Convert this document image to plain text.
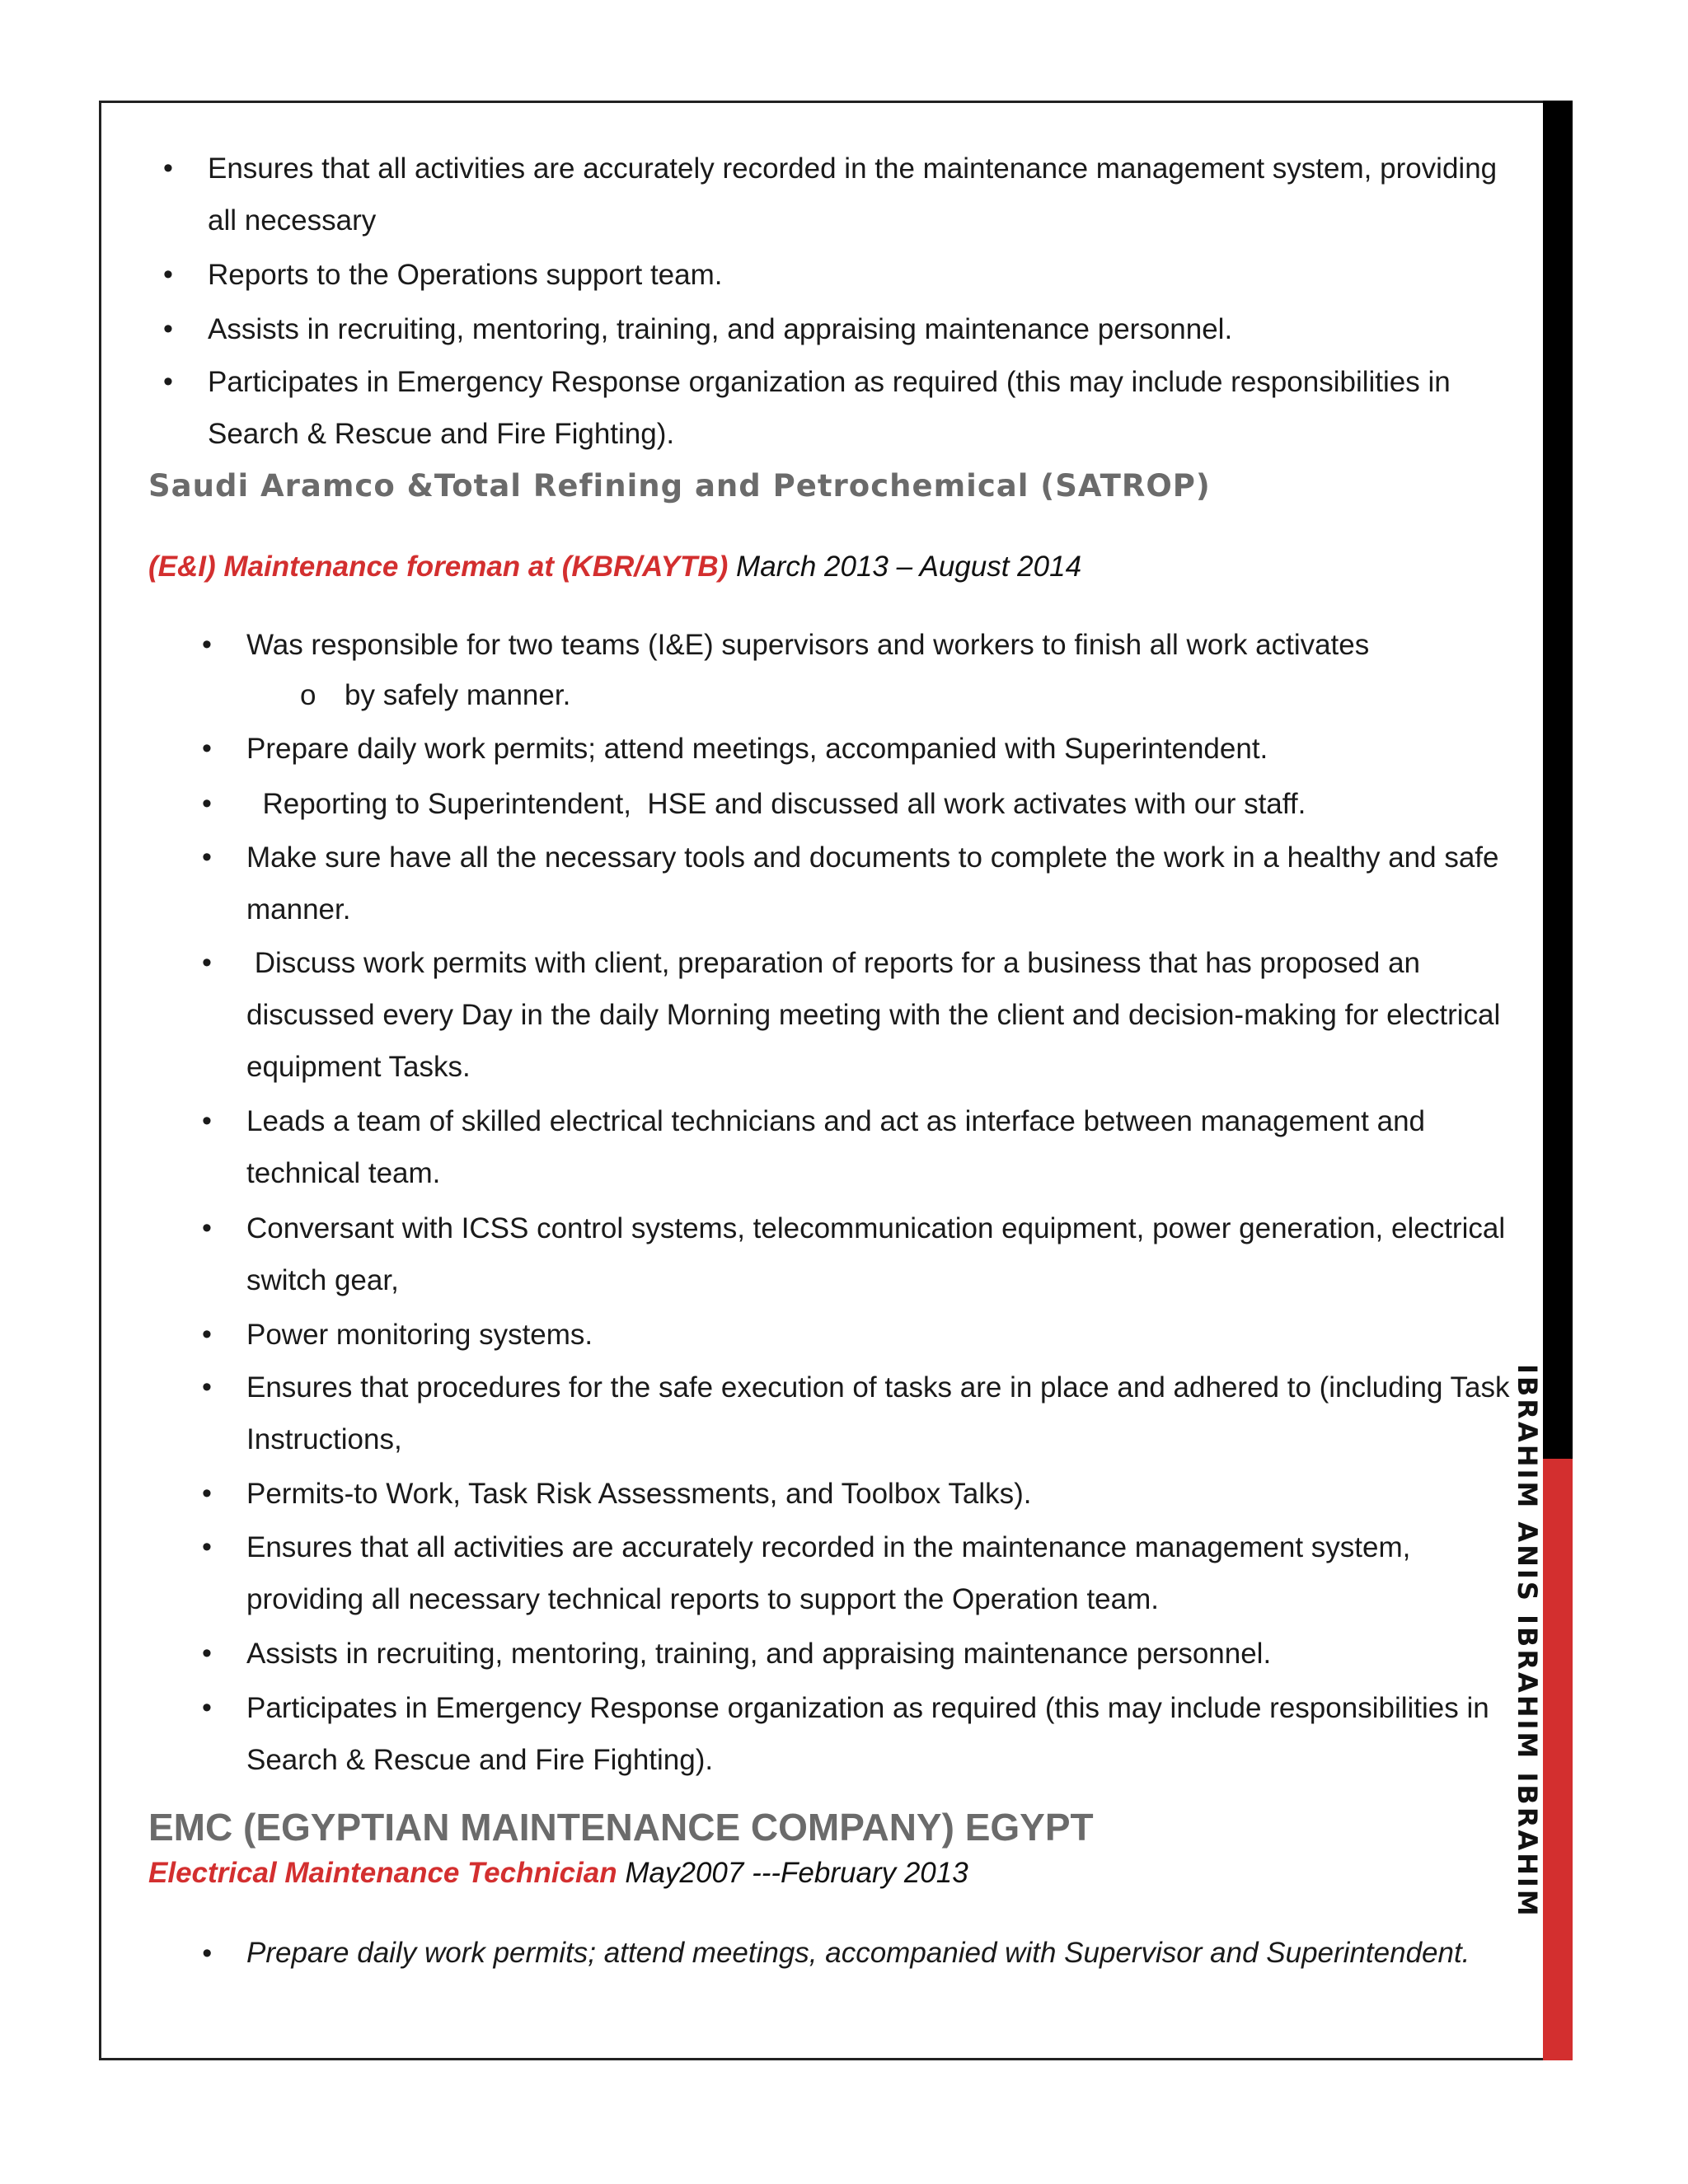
IBRAHIM ANIS IBRAHIM IBRAHIM
• Ensures that all activities are accurately recorded in the maintenance management system, providing all necessary
• Reports to the Operations support team.
• Assists in recruiting, mentoring, training, and appraising maintenance personnel.
• Participates in Emergency Response organization as required (this may include responsibilities in Search & Rescue and Fire Fighting).
Saudi Aramco &Total Refining and Petrochemical (SATROP)
(E&I) Maintenance foreman at (KBR/AYTB) March 2013 – August 2014
• Was responsible for two teams (I&E) supervisors and workers to finish all work activates
o by safely manner.
• Prepare daily work permits; attend meetings, accompanied with Superintendent.
•   Reporting to Superintendent,  HSE and discussed all work activates with our staff.
• Make sure have all the necessary tools and documents to complete the work in a healthy and safe manner.
•  Discuss work permits with client, preparation of reports for a business that has proposed an discussed every Day in the daily Morning meeting with the client and decision-making for electrical equipment Tasks.
• Leads a team of skilled electrical technicians and act as interface between management and technical team.
• Conversant with ICSS control systems, telecommunication equipment, power generation, electrical switch gear,
• Power monitoring systems.
• Ensures that procedures for the safe execution of tasks are in place and adhered to (including Task Instructions,
• Permits-to Work, Task Risk Assessments, and Toolbox Talks).
• Ensures that all activities are accurately recorded in the maintenance management system, providing all necessary technical reports to support the Operation team.
• Assists in recruiting, mentoring, training, and appraising maintenance personnel.
• Participates in Emergency Response organization as required (this may include responsibilities in Search & Rescue and Fire Fighting).
EMC (EGYPTIAN MAINTENANCE COMPANY) EGYPT
Electrical Maintenance Technician May2007 ---February 2013
• Prepare daily work permits; attend meetings, accompanied with Supervisor and Superintendent.
